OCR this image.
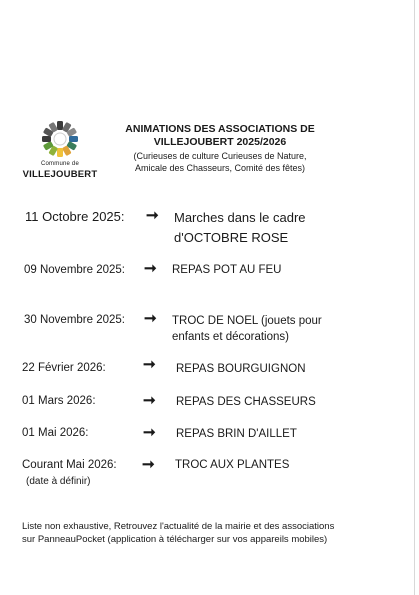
Commune de
VILLEJOUBERT
ANIMATIONS DES ASSOCIATIONS DE
VILLEJOUBERT 2025/2026
(Curieuses de culture Curieuses de Nature,
Amicale des Chasseurs, Comité des fêtes)
11 Octobre 2025: ➞ Marches dans le cadre
d'OCTOBRE ROSE
09 Novembre 2025: ➞ REPAS POT AU FEU
30 Novembre 2025: ➞ TROC DE NOEL (jouets pour
enfants et décorations)
22 Février 2026: ➞ REPAS BOURGUIGNON
01 Mars 2026:	➞ REPAS DES CHASSEURS
01 Mai 2026:	➞ REPAS BRIN D'AILLET
Courant Mai 2026: ➞ TROC AUX PLANTES
(date à définir)
Liste non exhaustive, Retrouvez l'actualité de la mairie et des associations
sur PanneauPocket (application à télécharger sur vos appareils mobiles)
